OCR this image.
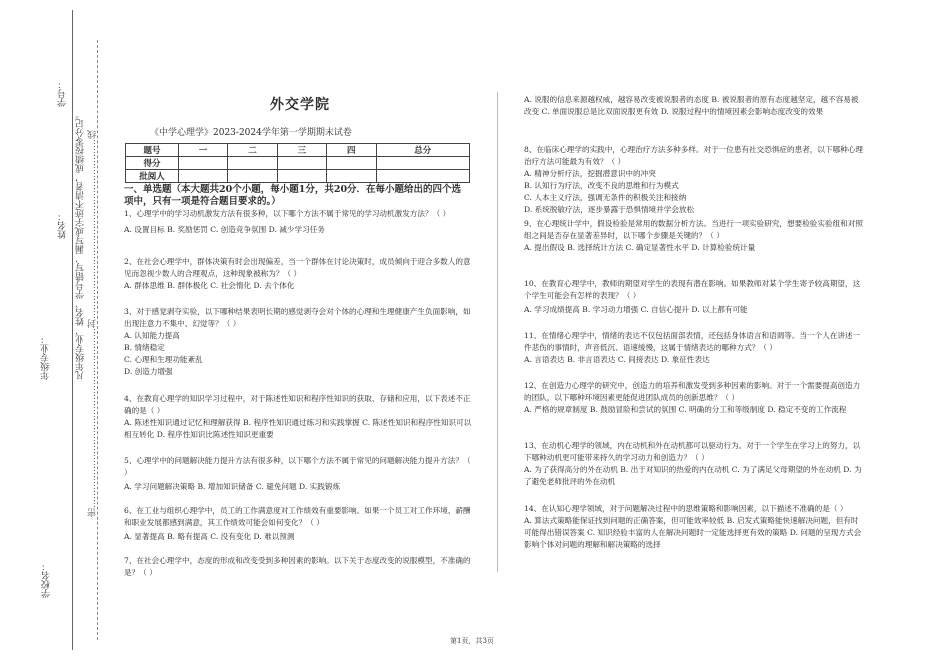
学号：
姓名：
年级专业：	凡年级专业、姓名、学号错写、漏写或字迹不清者，成绩按零分记。 密……………………………………………………封……………………………………………………线
学校名：
外交学院
《中学心理学》2023-2024学年第一学期期末试卷
题号	一	二	三	四	总分
得分					
批阅人					
一、单选题（本大题共20个小题，每小题1分，共20分．在每小题给出的四个选项中，只有一项是符合题目要求的。）

1、心理学中的学习动机激发方法有很多种，以下哪个方法不属于常见的学习动机激发方法？（ ）

A. 设置目标 B. 奖励惩罚 C. 创造竞争氛围 D. 减少学习任务

2、在社会心理学中，群体决策有时会出现偏差，当一个群体在讨论决策时，成员倾向于迎合多数人的意见而忽视少数人的合理观点，这种现象被称为？（ ）

A. 群体思维 B. 群体极化 C. 社会惰化 D. 去个体化

3、对于感觉剥夺实验，以下哪种结果表明长期的感觉剥夺会对个体的心理和生理健康产生负面影响，如出现注意力不集中、幻觉等？（ ）

A. 认知能力提高

B. 情绪稳定

C. 心理和生理功能紊乱

D. 创造力增强

4、在教育心理学的知识学习过程中，对于陈述性知识和程序性知识的获取、存储和应用，以下表述不正确的是（ ）

A. 陈述性知识通过记忆和理解获得 B. 程序性知识通过练习和实践掌握 C. 陈述性知识和程序性知识可以相互转化 D. 程序性知识比陈述性知识更重要

5、心理学中的问题解决能力提升方法有很多种，以下哪个方法不属于常见的问题解决能力提升方法？（ ）

A. 学习问题解决策略 B. 增加知识储备 C. 避免问题 D. 实践锻炼

6、在工业与组织心理学中，员工的工作满意度对工作绩效有重要影响。如果一个员工对工作环境、薪酬和职业发展都感到满意，其工作绩效可能会如何变化？（ ）

A. 显著提高 B. 略有提高 C. 没有变化 D. 难以预测

7、在社会心理学中，态度的形成和改变受到多种因素的影响。以下关于态度改变的说服模型，不准确的是？（ ）

A. 说服的信息来源越权威，越容易改变被说服者的态度 B. 被说服者的原有态度越坚定，越不容易被改变 C. 单面说服总是比双面说服更有效 D. 说服过程中的情境因素会影响态度改变的效果

8、在临床心理学的实践中，心理治疗方法多种多样。对于一位患有社交恐惧症的患者，以下哪种心理治疗方法可能最为有效？（ ）

A. 精神分析疗法，挖掘潜意识中的冲突

B. 认知行为疗法，改变不良的思维和行为模式

C. 人本主义疗法，强调无条件的积极关注和接纳

D. 系统脱敏疗法，逐步暴露于恐惧情境并学会放松

9、在心理统计学中，假设检验是常用的数据分析方法。当进行一项实验研究，想要检验实验组和对照组之间是否存在显著差异时，以下哪个步骤是关键的？（ ）

A. 提出假设 B. 选择统计方法 C. 确定显著性水平 D. 计算检验统计量

10、在教育心理学中，教师的期望对学生的表现有潜在影响。如果教师对某个学生寄予较高期望，这个学生可能会有怎样的表现？（ ）

A. 学习成绩提高 B. 学习动力增强 C. 自信心提升 D. 以上都有可能

11、在情绪心理学中，情绪的表达不仅包括面部表情，还包括身体语言和语调等。当一个人在讲述一件悲伤的事情时，声音低沉、语速缓慢，这属于情绪表达的哪种方式？（ ）

A. 言语表达 B. 非言语表达 C. 间接表达 D. 象征性表达

12、在创造力心理学的研究中，创造力的培养和激发受到多种因素的影响。对于一个需要提高创造力的团队，以下哪种环境因素更能促进团队成员的创新思维？（ ）

A. 严格的规章制度 B. 鼓励冒险和尝试的氛围 C. 明确的分工和等级制度 D. 稳定不变的工作流程

13、在动机心理学的领域，内在动机和外在动机都可以驱动行为。对于一个学生在学习上的努力，以下哪种动机更可能带来持久的学习动力和创造力？（ ）

A. 为了获得高分的外在动机 B. 出于对知识的热爱的内在动机 C. 为了满足父母期望的外在动机 D. 为了避免老师批评的外在动机

14、在认知心理学领域，对于问题解决过程中的思维策略和影响因素，以下描述不准确的是（ ）

A. 算法式策略能保证找到问题的正确答案，但可能效率较低 B. 启发式策略能快速解决问题，但有时可能得出错误答案 C. 知识经验丰富的人在解决问题时一定能选择更有效的策略 D. 问题的呈现方式会影响个体对问题的理解和解决策略的选择

第1页，共3页
